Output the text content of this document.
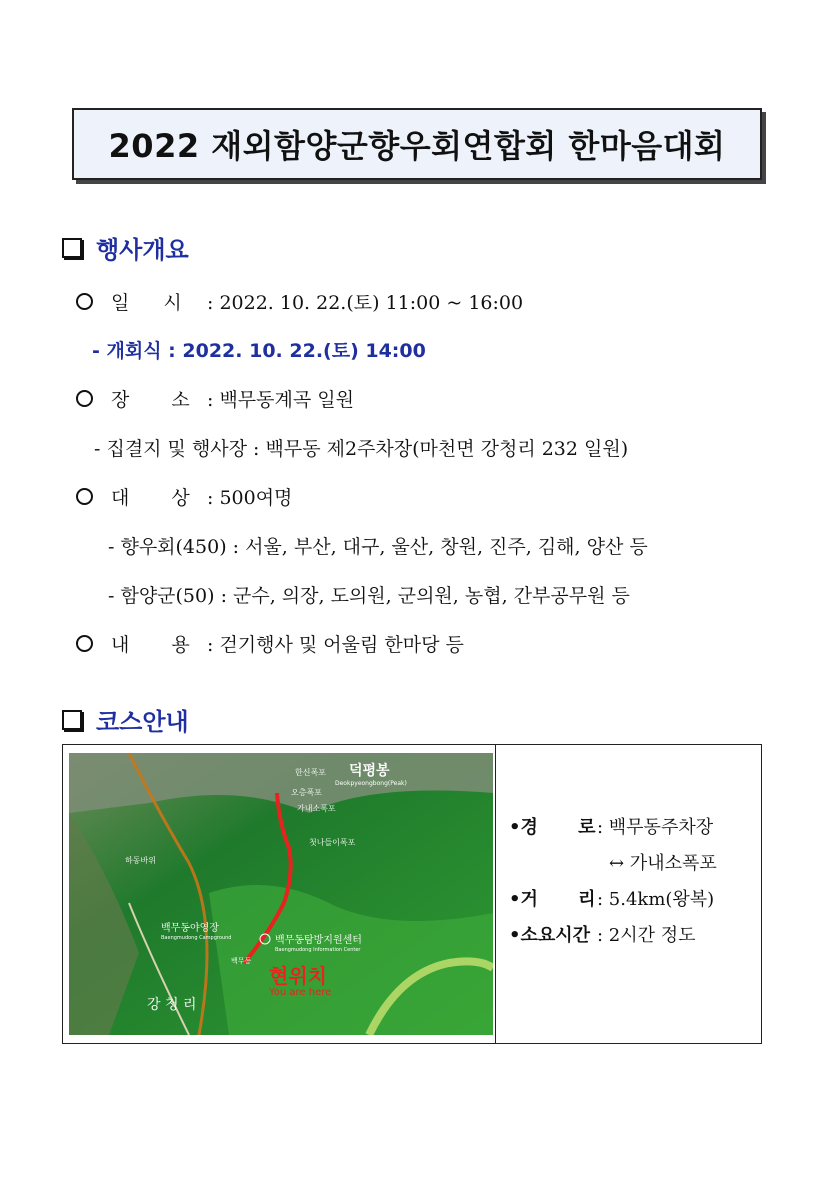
2022 재외함양군향우회연합회 한마음대회
행사개요
일 시	: 2022. 10. 22.(토) 11:00 ~ 16:00
- 개회식 : 2022. 10. 22.(토) 14:00
장 소 : 백무동계곡 일원
- 집결지 및 행사장 : 백무동 제2주차장(마천면 강청리 232 일원)
대 상 : 500여명
- 향우회(450) : 서울, 부산, 대구, 울산, 창원, 진주, 김해, 양산 등
- 함양군(50) : 군수, 의장, 도의원, 군의원, 농협, 간부공무원 등
내 용 : 걷기행사 및 어울림 한마당 등
코스안내
덕평봉
Deokpyeongbong(Peak)
한신폭포
오층폭포
가내소폭포
첫나들이폭포
하동바위
백무동야영장
Baengmudong Campground	백무동탐방지원센터
Baengmudong Information Center
백무동
현위치
You are here
강 청 리
•경 로 : 백무동주차장
↔ 가내소폭포
•거 리 : 5.4km(왕복)
•소요시간 : 2시간 정도
